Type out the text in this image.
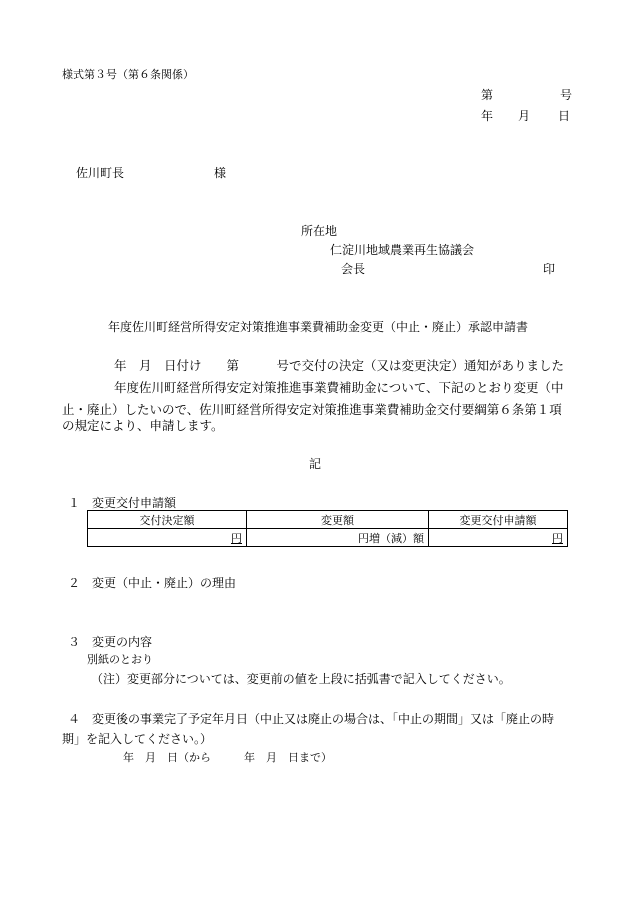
様式第３号（第６条関係）
第	号
年 月 日
佐川町長	様
所在地
仁淀川地域農業再生協議会
会長	印
年度佐川町経営所得安定対策推進事業費補助金変更（中止・廃止）承認申請書
年　月　日付け　　第　　　号で交付の決定（又は変更決定）通知がありました
年度佐川町経営所得安定対策推進事業費補助金について、下記のとおり変更（中
止・廃止）したいので、佐川町経営所得安定対策推進事業費補助金交付要綱第６条第１項
の規定により、申請します。
記
１　変更交付申請額
交付決定額	変更額	変更交付申請額
円	円増（減）額	円
２　変更（中止・廃止）の理由
３　変更の内容
別紙のとおり
（注）変更部分については、変更前の値を上段に括弧書で記入してください。
４　変更後の事業完了予定年月日（中止又は廃止の場合は、「中止の期間」又は「廃止の時
期」を記入してください。）
年　月　日（から　　　年　月　日まで）
